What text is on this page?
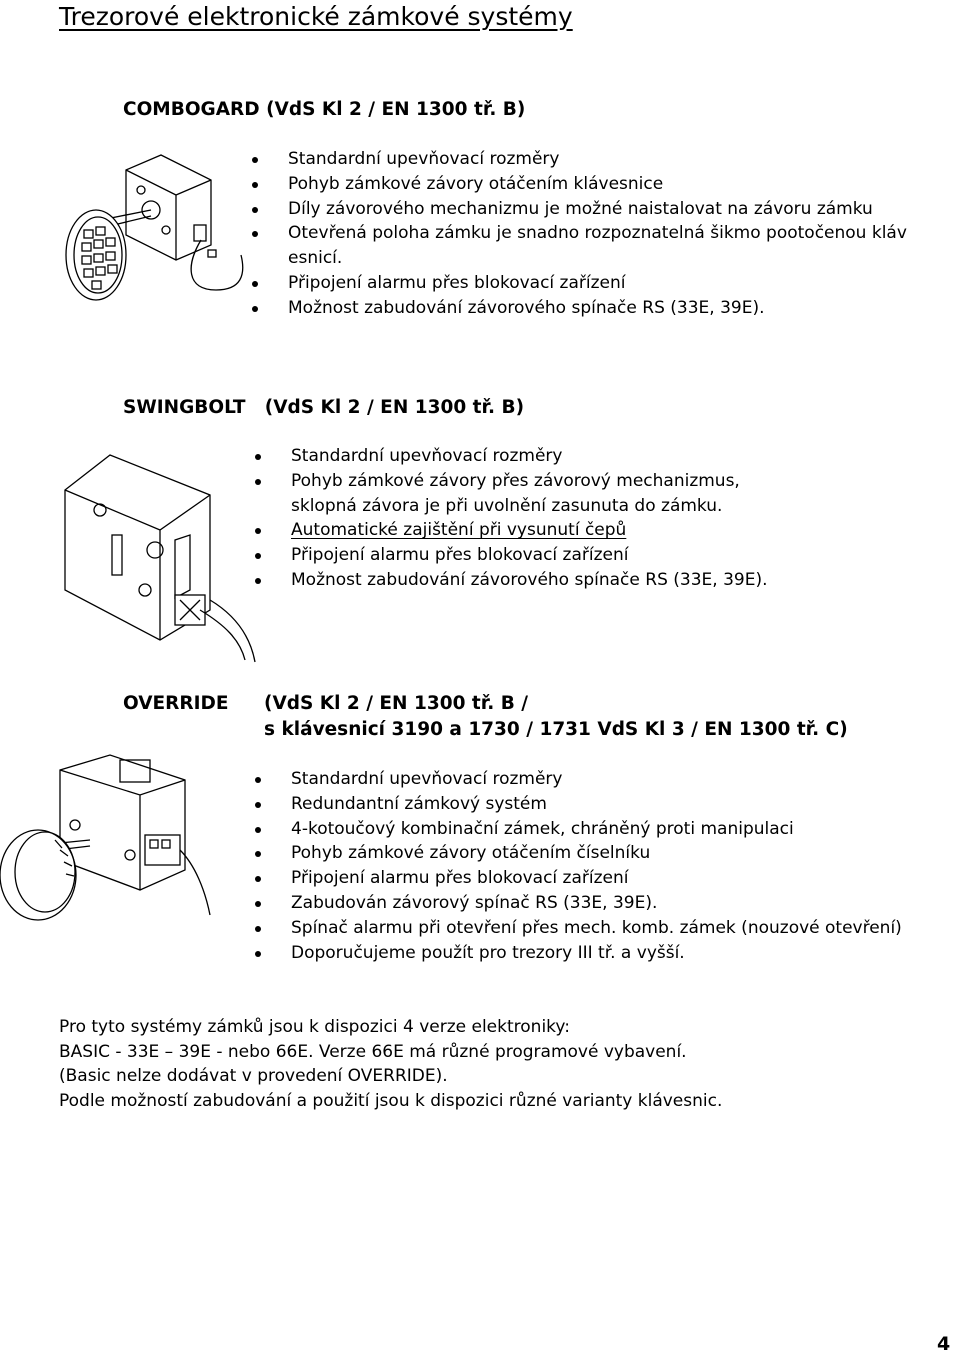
Trezorové elektronické zámkové systémy
COMBOGARD (VdS Kl 2 / EN 1300 tř. B)
Standardní upevňovací rozměry
Pohyb zámkové závory otáčením klávesnice
Díly závorového mechanizmu je možné naistalovat na závoru zámku
Otevřená poloha zámku je snadno rozpoznatelná šikmo pootočenou kláv
esnicí.
Připojení alarmu přes blokovací zařízení
Možnost zabudování závorového spínače RS (33E, 39E).
SWINGBOLT   (VdS Kl 2 / EN 1300 tř. B)
Standardní upevňovací rozměry
Pohyb zámkové závory přes závorový mechanizmus,
sklopná závora je při uvolnění zasunuta do zámku.
Automatické zajištění při vysunutí čepů
Připojení alarmu přes blokovací zařízení
Možnost zabudování závorového spínače RS (33E, 39E).
OVERRIDE (VdS Kl 2 / EN 1300 tř. B /
s klávesnicí 3190 a 1730 / 1731 VdS Kl 3 / EN 1300 tř. C)
Standardní upevňovací rozměry
Redundantní zámkový systém
4-kotoučový kombinační zámek, chráněný proti manipulaci
Pohyb zámkové závory otáčením číselníku
Připojení alarmu přes blokovací zařízení
Zabudován závorový spínač RS (33E, 39E).
Spínač alarmu při otevření přes mech. komb. zámek (nouzové otevření)
Doporučujeme použít pro trezory III tř. a vyšší.
Pro tyto systémy zámků jsou k dispozici 4 verze elektroniky:
BASIC - 33E – 39E - nebo 66E. Verze 66E má různé programové vybavení.
(Basic nelze dodávat v provedení OVERRIDE).
Podle možností zabudování a použití jsou k dispozici různé varianty klávesnic.
4
